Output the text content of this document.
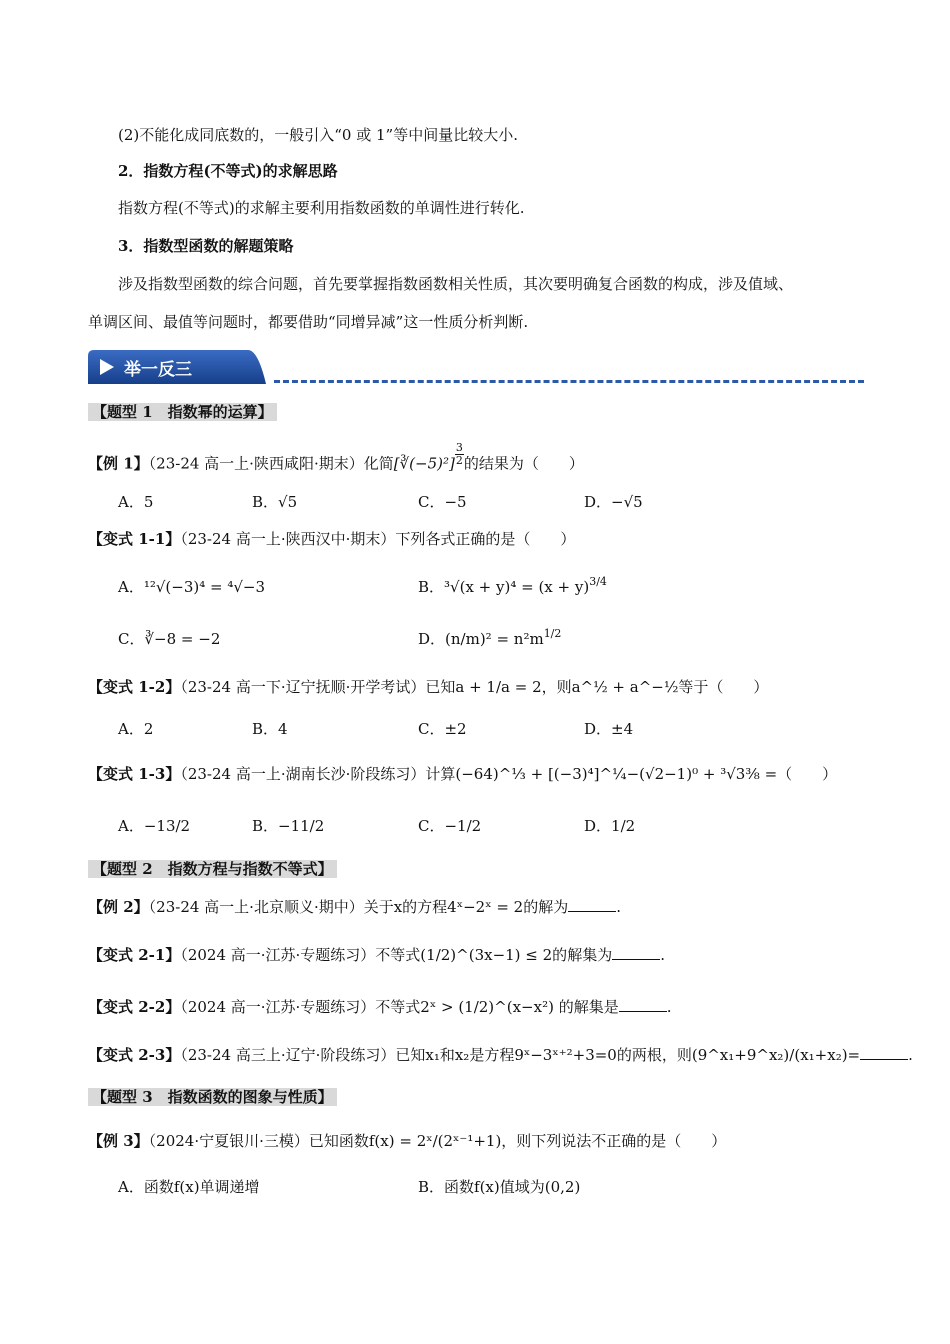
(2)不能化成同底数的，一般引入“0 或 1”等中间量比较大小.
2．指数方程(不等式)的求解思路
指数方程(不等式)的求解主要利用指数函数的单调性进行转化.
3．指数型函数的解题策略
涉及指数型函数的综合问题，首先要掌握指数函数相关性质，其次要明确复合函数的构成，涉及值域、
单调区间、最值等问题时，都要借助“同增异减”这一性质分析判断.
举一反三
【题型 1　指数幂的运算】
【例 1】（23-24 高一上·陕西咸阳·期末）化简[∛(−5)²] $\frac{3}{2}$ 的结果为（　　）
A．5	B．√5	C．−5	D．−√5
【变式 1-1】（23-24 高一上·陕西汉中·期末）下列各式正确的是（　　）
A．¹²√(−3)⁴ = ⁴√−3	B．$^3√(x + y)^4 = (x + y)^{3/4}$
C．∛−8 = −2	D．$(n/m)^2 = n^2m^{1/2}$
【变式 1-2】（23-24 高一下·辽宁抚顺·开学考试）已知a + 1/a = 2，则a^½ + a^−½等于（　　）
A．2	B．4	C．±2	D．±4
【变式 1-3】（23-24 高一上·湖南长沙·阶段练习）计算(−64)^⅓ + [(−3)⁴]^¼−(√2−1)⁰ + ³√3⅜ =（　　）
A．−13/2	B．−11/2	C．−1/2	D．1/2
【题型 2　指数方程与指数不等式】
【例 2】（23-24 高一上·北京顺义·期中）关于x的方程4ˣ−2ˣ = 2的解为	.
【变式 2-1】（2024 高一·江苏·专题练习）不等式(1/2)^(3x−1) ≤ 2的解集为	.
【变式 2-2】（2024 高一·江苏·专题练习）不等式2ˣ > (1/2)^(x−x²) 的解集是	.
【变式 2-3】（23-24 高三上·辽宁·阶段练习）已知x₁和x₂是方程9ˣ−3ˣ⁺²+3=0的两根，则(9^x₁+9^x₂)/(x₁+x₂)=	.
【题型 3　指数函数的图象与性质】
【例 3】（2024·宁夏银川·三模）已知函数f(x) = 2ˣ/(2ˣ⁻¹+1)，则下列说法不正确的是（　　）
A．函数f(x)单调递增	B．函数f(x)值域为(0,2)
